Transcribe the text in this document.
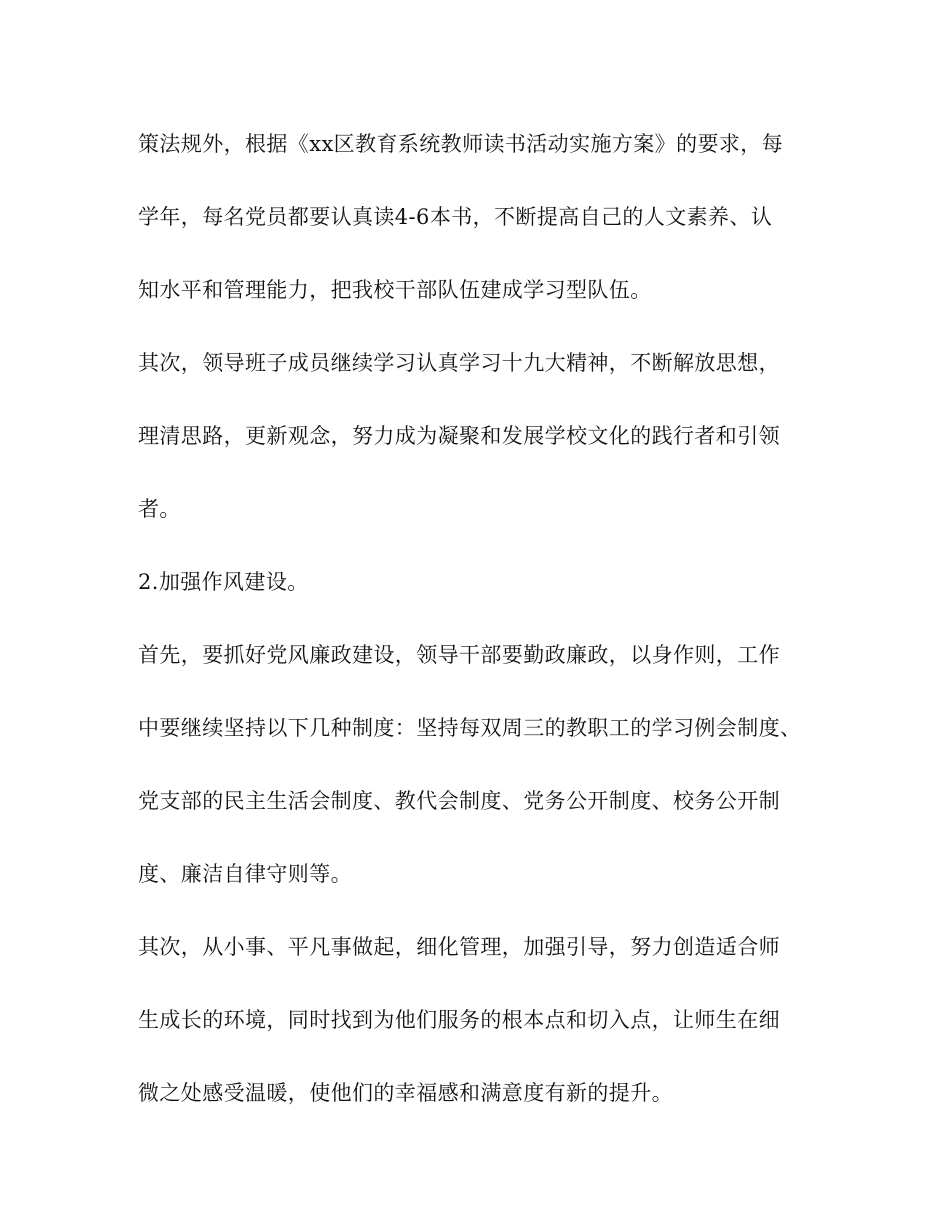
策法规外，根据《xx区教育系统教师读书活动实施方案》的要求，每
学年，每名党员都要认真读4-6本书，不断提高自己的人文素养、认
知水平和管理能力，把我校干部队伍建成学习型队伍。
其次，领导班子成员继续学习认真学习十九大精神，不断解放思想，
理清思路，更新观念，努力成为凝聚和发展学校文化的践行者和引领
者。
2.加强作风建设。
首先，要抓好党风廉政建设，领导干部要勤政廉政，以身作则，工作
中要继续坚持以下几种制度：坚持每双周三的教职工的学习例会制度、
党支部的民主生活会制度、教代会制度、党务公开制度、校务公开制
度、廉洁自律守则等。
其次，从小事、平凡事做起，细化管理，加强引导，努力创造适合师
生成长的环境，同时找到为他们服务的根本点和切入点，让师生在细
微之处感受温暖，使他们的幸福感和满意度有新的提升。
